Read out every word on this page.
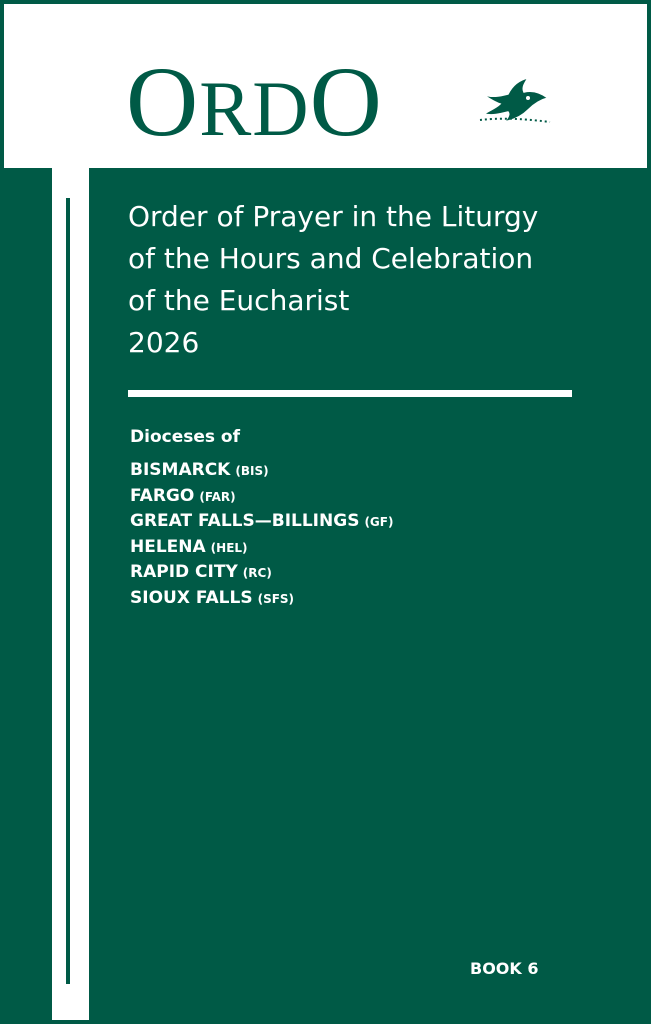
ORDO
Order of Prayer in the Liturgy
of the Hours and Celebration
of the Eucharist
2026
Dioceses of
BISMARCK (BIS)
FARGO (FAR)
GREAT FALLS—BILLINGS (GF)
HELENA (HEL)
RAPID CITY (RC)
SIOUX FALLS (SFS)
BOOK 6
